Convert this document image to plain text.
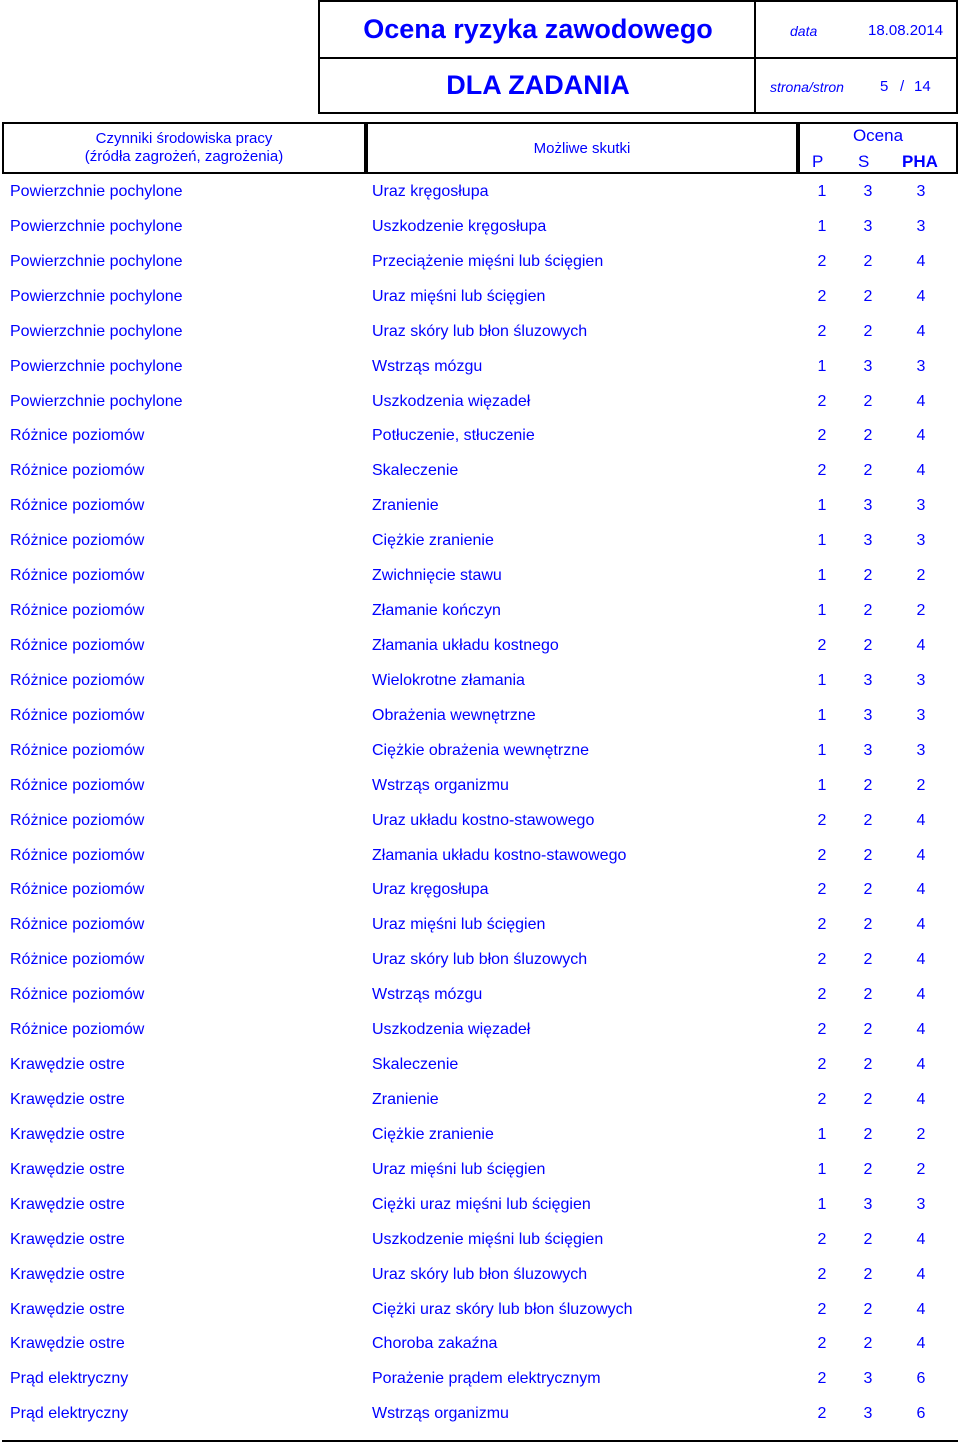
Ocena ryzyka zawodowego
DLA ZADANIA
data	18.08.2014
strona/stron 5 / 14
Czynniki środowiska pracy
(źródła zagrożeń, zagrożenia)	Możliwe skutki
Ocena
P S PHA
Powierzchnie pochylone	Uraz kręgosłupa	1 3	3
Powierzchnie pochylone	Uszkodzenie kręgosłupa	1 3	3
Powierzchnie pochylone	Przeciążenie mięśni lub ścięgien	2 2	4
Powierzchnie pochylone	Uraz mięśni lub ścięgien	2 2	4
Powierzchnie pochylone	Uraz skóry lub błon śluzowych	2 2	4
Powierzchnie pochylone	Wstrząs mózgu	1 3	3
Powierzchnie pochylone	Uszkodzenia więzadeł	2 2	4
Różnice poziomów	Potłuczenie, stłuczenie	2 2	4
Różnice poziomów	Skaleczenie	2 2	4
Różnice poziomów	Zranienie	1 3	3
Różnice poziomów	Ciężkie zranienie	1 3	3
Różnice poziomów	Zwichnięcie stawu	1 2	2
Różnice poziomów	Złamanie kończyn	1 2	2
Różnice poziomów	Złamania układu kostnego	2 2	4
Różnice poziomów	Wielokrotne złamania	1 3	3
Różnice poziomów	Obrażenia wewnętrzne	1 3	3
Różnice poziomów	Ciężkie obrażenia wewnętrzne	1 3	3
Różnice poziomów	Wstrząs organizmu	1 2	2
Różnice poziomów	Uraz układu kostno-stawowego	2 2	4
Różnice poziomów	Złamania układu kostno-stawowego	2 2	4
Różnice poziomów	Uraz kręgosłupa	2 2	4
Różnice poziomów	Uraz mięśni lub ścięgien	2 2	4
Różnice poziomów	Uraz skóry lub błon śluzowych	2 2	4
Różnice poziomów	Wstrząs mózgu	2 2	4
Różnice poziomów	Uszkodzenia więzadeł	2 2	4
Krawędzie ostre	Skaleczenie	2 2	4
Krawędzie ostre	Zranienie	2 2	4
Krawędzie ostre	Ciężkie zranienie	1 2	2
Krawędzie ostre	Uraz mięśni lub ścięgien	1 2	2
Krawędzie ostre	Ciężki uraz mięśni lub ścięgien	1 3	3
Krawędzie ostre	Uszkodzenie mięśni lub ścięgien	2 2	4
Krawędzie ostre	Uraz skóry lub błon śluzowych	2 2	4
Krawędzie ostre	Ciężki uraz skóry lub błon śluzowych	2 2	4
Krawędzie ostre	Choroba zakaźna	2 2	4
Prąd elektryczny	Porażenie prądem elektrycznym	2 3	6
Prąd elektryczny	Wstrząs organizmu	2 3	6
